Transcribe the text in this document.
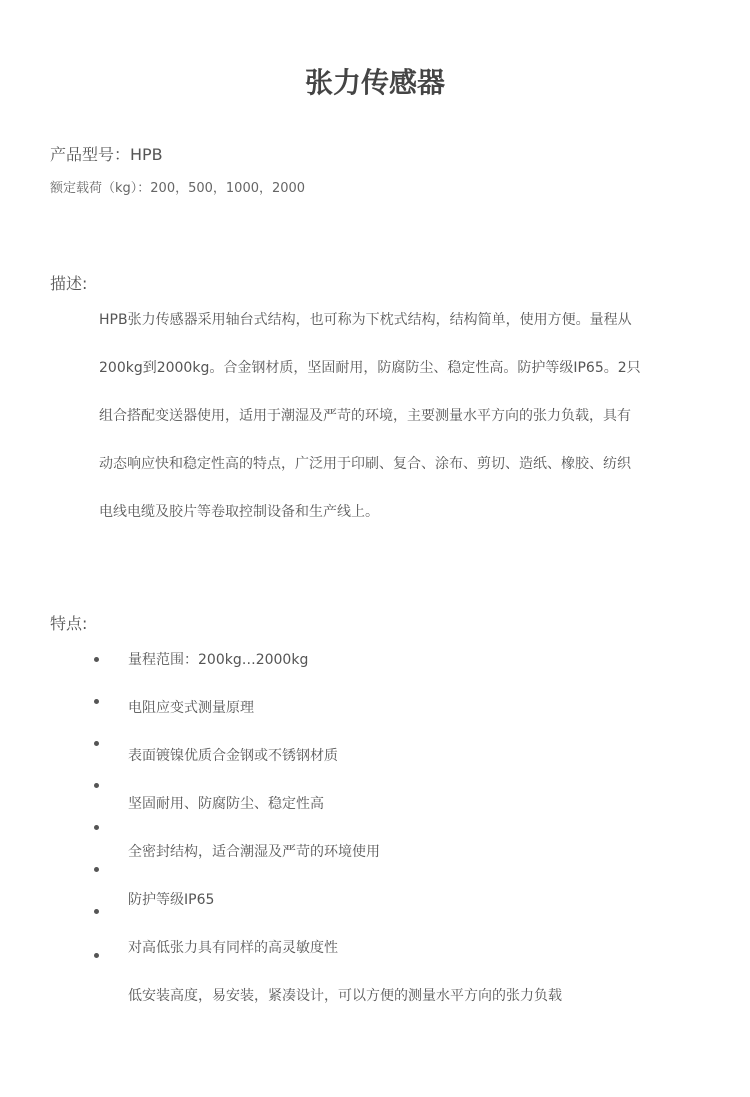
张力传感器
产品型号：HPB
额定载荷（kg）：200，500，1000，2000
描述:
HPB张力传感器采用轴台式结构，也可称为下枕式结构，结构简单，使用方便。量程从
200kg到2000kg。合金钢材质，坚固耐用，防腐防尘、稳定性高。防护等级IP65。2只
组合搭配变送器使用，适用于潮湿及严苛的环境，主要测量水平方向的张力负载，具有
动态响应快和稳定性高的特点，广泛用于印刷、复合、涂布、剪切、造纸、橡胶、纺织
电线电缆及胶片等卷取控制设备和生产线上。
特点:
量程范围：200kg…2000kg
电阻应变式测量原理
表面镀镍优质合金钢或不锈钢材质
坚固耐用、防腐防尘、稳定性高
全密封结构，适合潮湿及严苛的环境使用
防护等级IP65
对高低张力具有同样的高灵敏度性
低安装高度，易安装，紧凑设计，可以方便的测量水平方向的张力负载
